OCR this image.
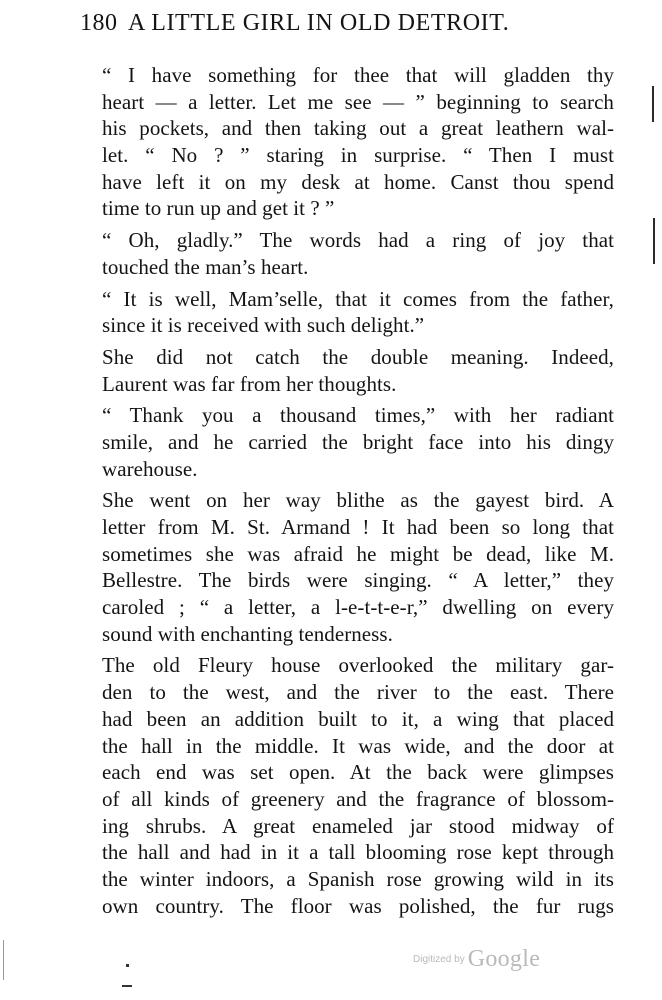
180 A LITTLE GIRL IN OLD DETROIT.

“ I have something for thee that will gladden thy
heart — a letter. Let me see — ” beginning to search
his pockets, and then taking out a great leathern wal-
let. “ No ? ” staring in surprise. “ Then I must
have left it on my desk at home. Canst thou spend
time to run up and get it ? ”

“ Oh, gladly.” The words had a ring of joy that
touched the man’s heart.

“ It is well, Mam’selle, that it comes from the father,
since it is received with such delight.”

She did not catch the double meaning. Indeed,
Laurent was far from her thoughts.

“ Thank you a thousand times,” with her radiant
smile, and he carried the bright face into his dingy
warehouse.

She went on her way blithe as the gayest bird. A
letter from M. St. Armand ! It had been so long that
sometimes she was afraid he might be dead, like M.
Bellestre. The birds were singing. “ A letter,” they
caroled ; “ a letter, a l-e-t-t-e-r,” dwelling on every
sound with enchanting tenderness.

The old Fleury house overlooked the military gar-
den to the west, and the river to the east. There
had been an addition built to it, a wing that placed
the hall in the middle. It was wide, and the door at
each end was set open. At the back were glimpses
of all kinds of greenery and the fragrance of blossom-
ing shrubs. A great enameled jar stood midway of
the hall and had in it a tall blooming rose kept through
the winter indoors, a Spanish rose growing wild in its
own country. The floor was polished, the fur rugs

Digitized by Google
